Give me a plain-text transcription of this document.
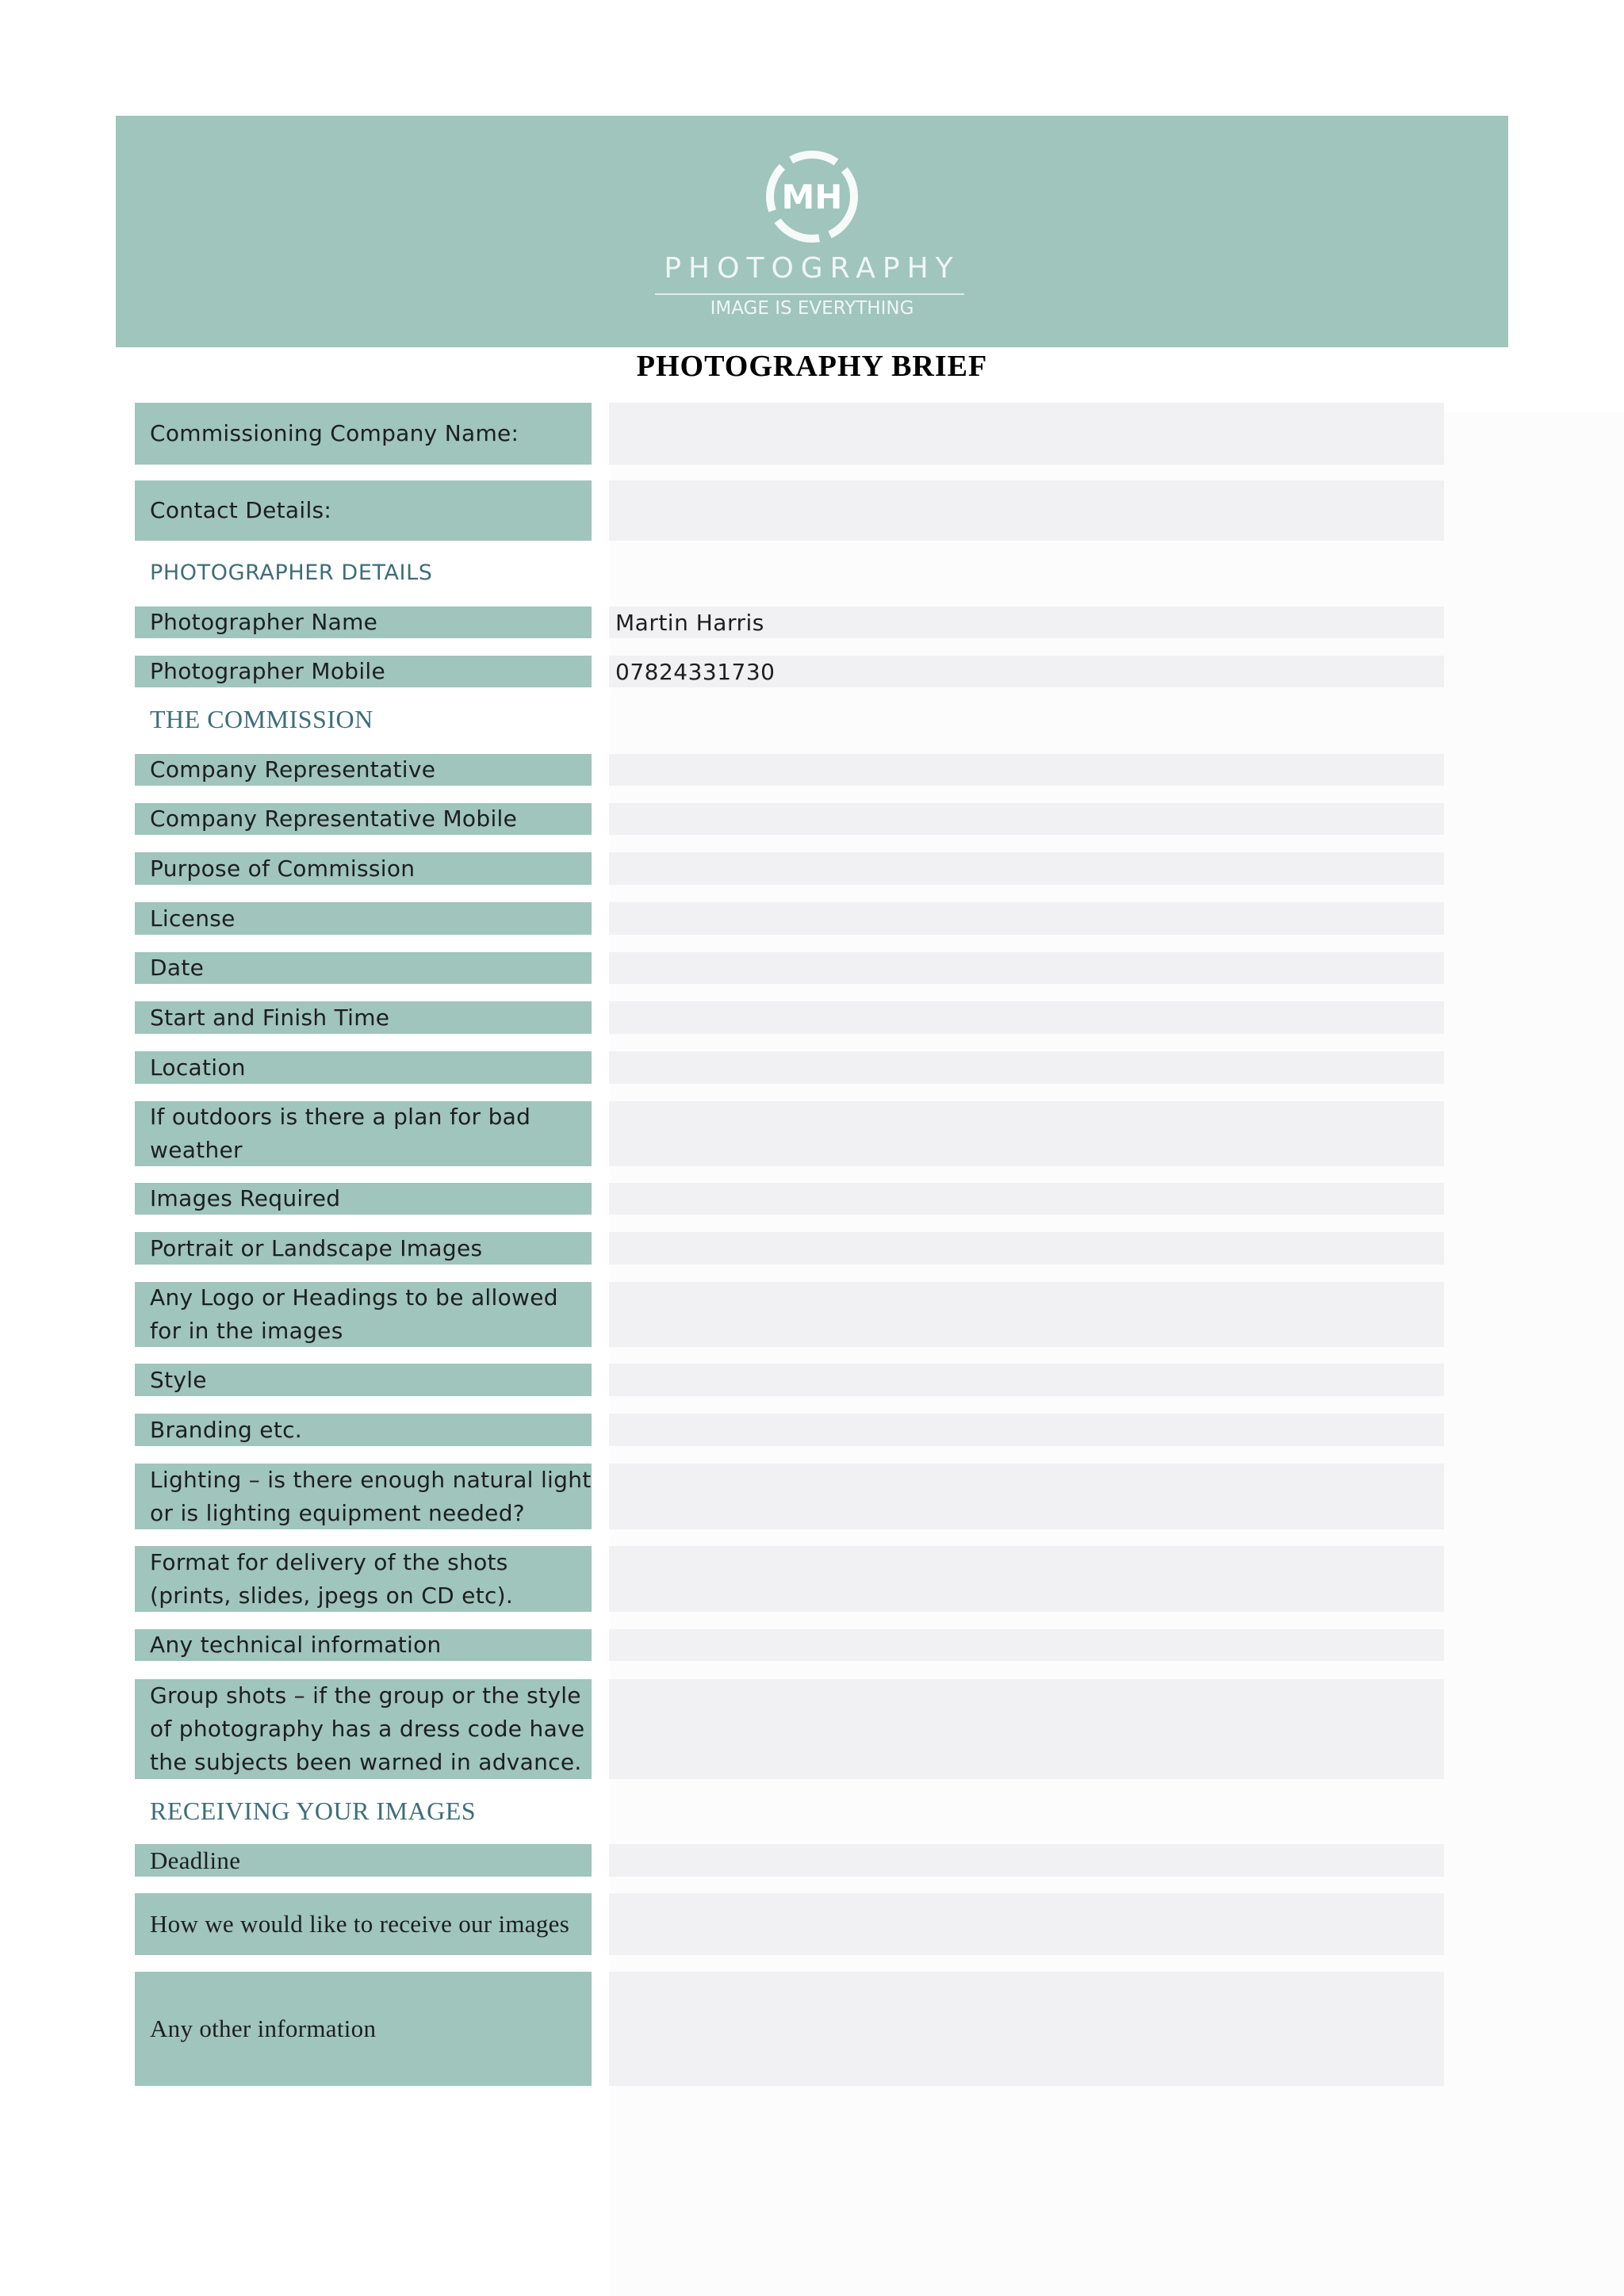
MH
PHOTOGRAPHY
IMAGE IS EVERYTHING
PHOTOGRAPHY BRIEF
Commissioning Company Name:
Contact Details:
PHOTOGRAPHER DETAILS
Photographer Name	Martin Harris
Photographer Mobile	07824331730
THE COMMISSION
Company Representative
Company Representative Mobile
Purpose of Commission
License
Date
Start and Finish Time
Location
If outdoors is there a plan for bad weather
Images Required
Portrait or Landscape Images
Any Logo or Headings to be allowed for in the images
Style
Branding etc.
Lighting – is there enough natural light or is lighting equipment needed?
Format for delivery of the shots (prints, slides, jpegs on CD etc).
Any technical information
Group shots – if the group or the style of photography has a dress code have the subjects been warned in advance.
RECEIVING YOUR IMAGES
Deadline
How we would like to receive our images
Any other information
